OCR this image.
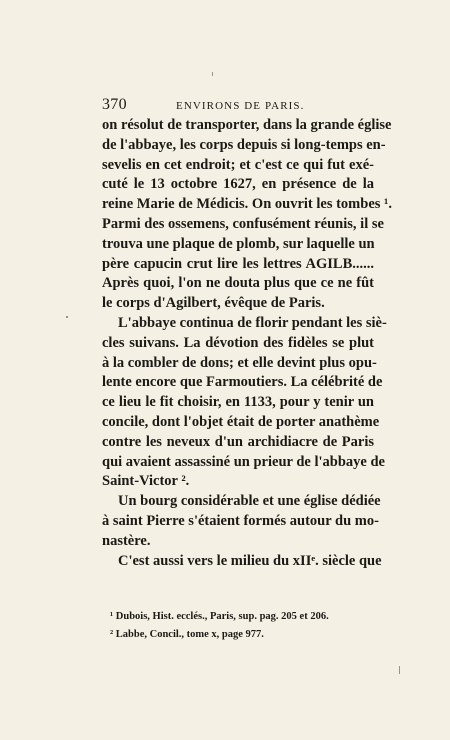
370	ENVIRONS DE PARIS.
on résolut de transporter, dans la grande église
de l'abbaye, les corps depuis si long-temps en-
sevelis en cet endroit; et c'est ce qui fut exé-
cuté le 13 octobre 1627, en présence de la
reine Marie de Médicis. On ouvrit les tombes ¹.
Parmi des ossemens, confusément réunis, il se
trouva une plaque de plomb, sur laquelle un
père capucin crut lire les lettres AGILB......
Après quoi, l'on ne douta plus que ce ne fût
le corps d'Agilbert, évêque de Paris.
L'abbaye continua de florir pendant les siè-
cles suivans. La dévotion des fidèles se plut
à la combler de dons; et elle devint plus opu-
lente encore que Farmoutiers. La célébrité de
ce lieu le fit choisir, en 1133, pour y tenir un
concile, dont l'objet était de porter anathème
contre les neveux d'un archidiacre de Paris
qui avaient assassiné un prieur de l'abbaye de
Saint-Victor ².
Un bourg considérable et une église dédiée
à saint Pierre s'étaient formés autour du mo-
nastère.
C'est aussi vers le milieu du xIIᵉ. siècle que
¹ Dubois, Hist. ecclés., Paris, sup. pag. 205 et 206.
² Labbe, Concil., tome x, page 977.
